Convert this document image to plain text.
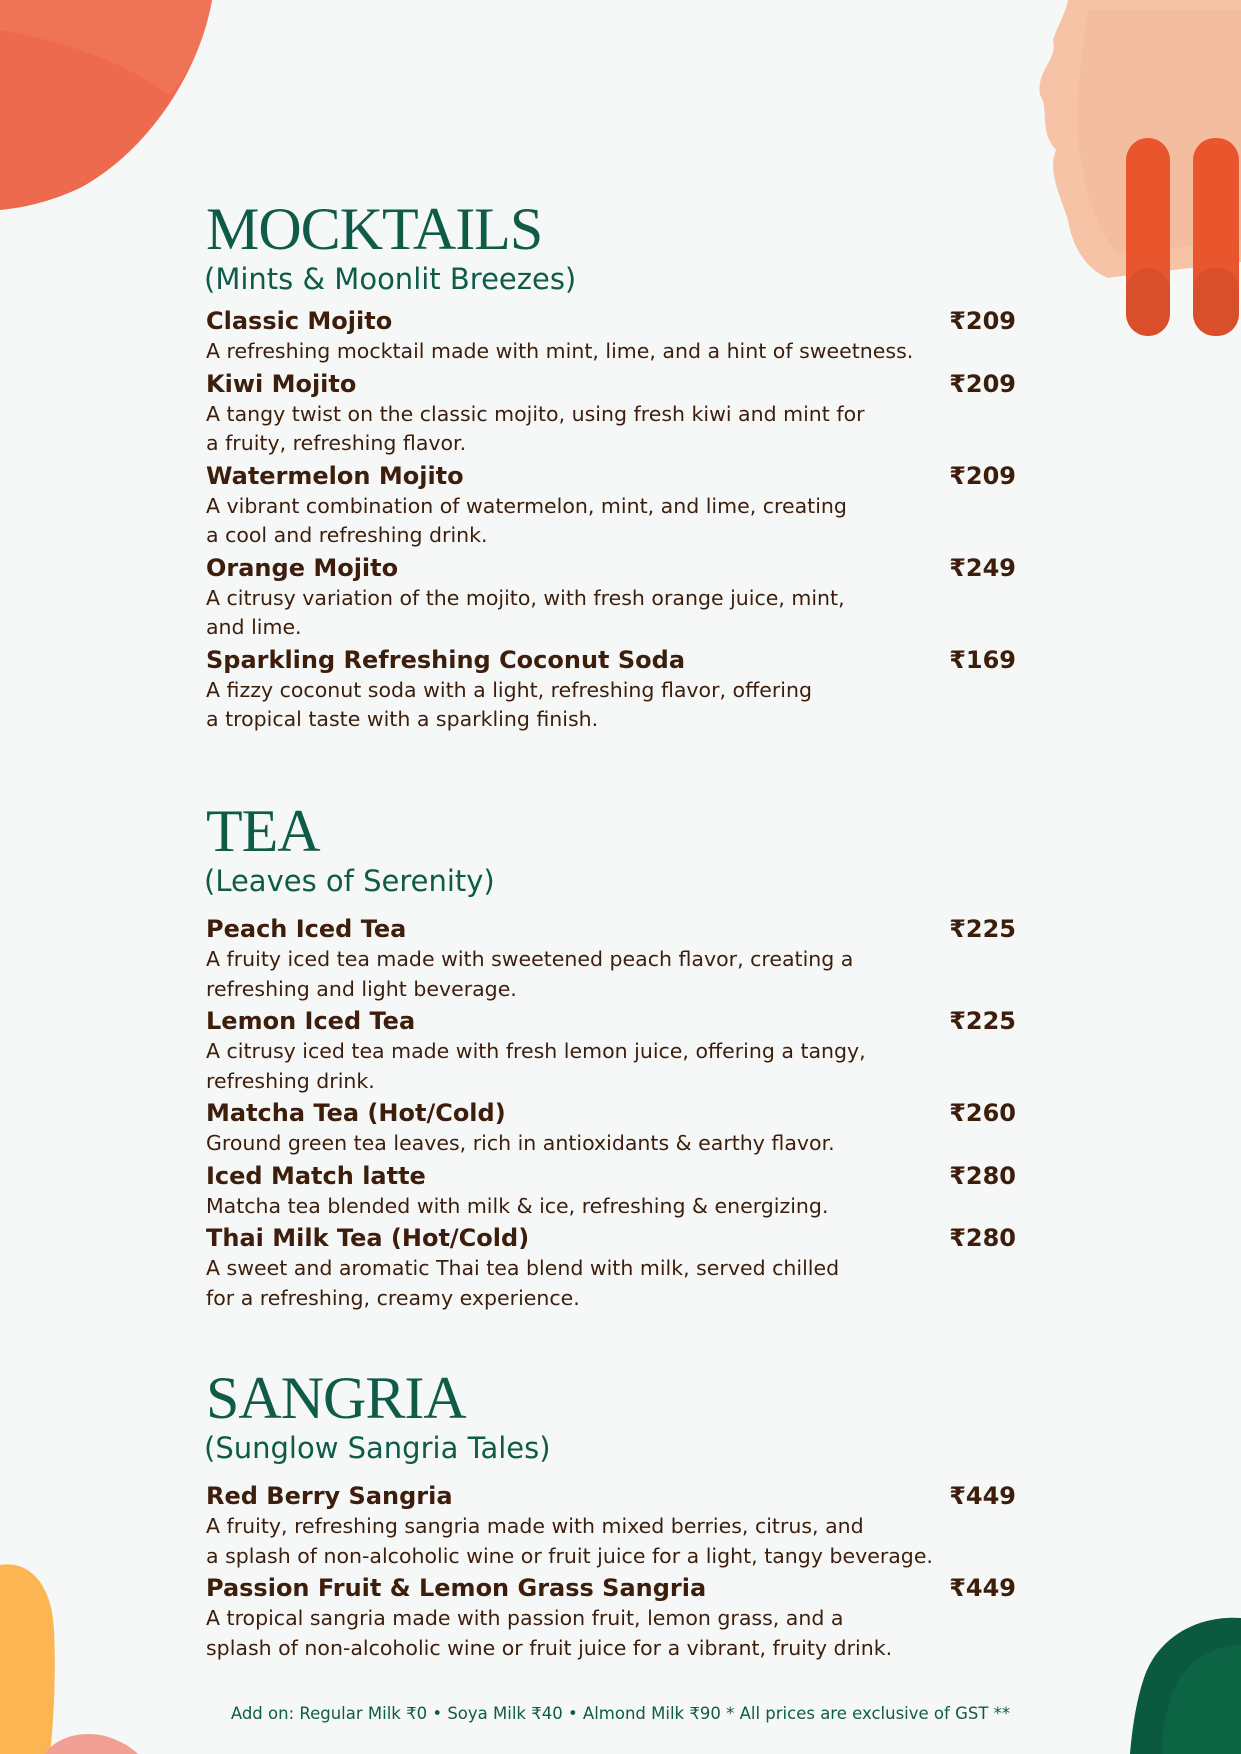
MOCKTAILS
(Mints & Moonlit Breezes)
Classic Mojito	₹209
A refreshing mocktail made with mint, lime, and a hint of sweetness.
Kiwi Mojito	₹209
A tangy twist on the classic mojito, using fresh kiwi and mint for
a fruity, refreshing flavor.
Watermelon Mojito	₹209
A vibrant combination of watermelon, mint, and lime, creating
a cool and refreshing drink.
Orange Mojito	₹249
A citrusy variation of the mojito, with fresh orange juice, mint,
and lime.
Sparkling Refreshing Coconut Soda	₹169
A fizzy coconut soda with a light, refreshing flavor, offering
a tropical taste with a sparkling finish.
TEA
(Leaves of Serenity)
Peach Iced Tea	₹225
A fruity iced tea made with sweetened peach flavor, creating a
refreshing and light beverage.
Lemon Iced Tea	₹225
A citrusy iced tea made with fresh lemon juice, offering a tangy,
refreshing drink.
Matcha Tea (Hot/Cold)	₹260
Ground green tea leaves, rich in antioxidants & earthy flavor.
Iced Match latte	₹280
Matcha tea blended with milk & ice, refreshing & energizing.
Thai Milk Tea (Hot/Cold)	₹280
A sweet and aromatic Thai tea blend with milk, served chilled
for a refreshing, creamy experience.
SANGRIA
(Sunglow Sangria Tales)
Red Berry Sangria	₹449
A fruity, refreshing sangria made with mixed berries, citrus, and
a splash of non-alcoholic wine or fruit juice for a light, tangy beverage.
Passion Fruit & Lemon Grass Sangria	₹449
A tropical sangria made with passion fruit, lemon grass, and a
splash of non-alcoholic wine or fruit juice for a vibrant, fruity drink.
Add on: Regular Milk ₹0 • Soya Milk ₹40 • Almond Milk ₹90 * All prices are exclusive of GST **
